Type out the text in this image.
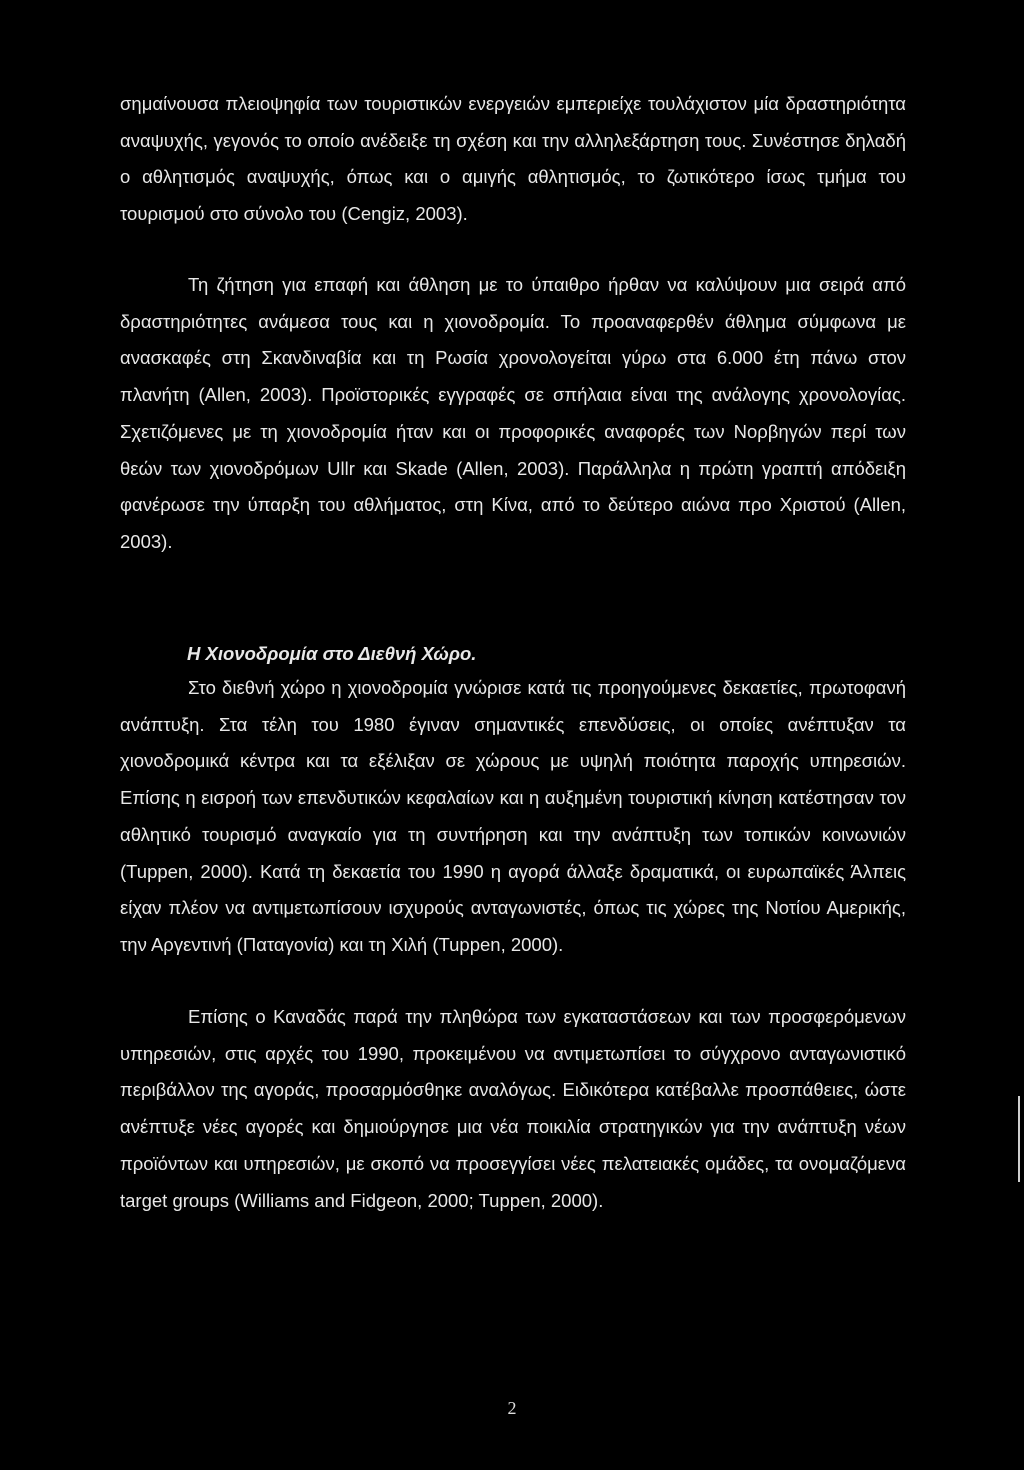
σημαίνουσα πλειοψηφία των τουριστικών ενεργειών εμπεριείχε τουλάχιστον μία δραστηριότητα αναψυχής, γεγονός το οποίο ανέδειξε τη σχέση και την αλληλεξάρτηση τους. Συνέστησε δηλαδή ο αθλητισμός αναψυχής, όπως και ο αμιγής αθλητισμός, το ζωτικότερο ίσως τμήμα του τουρισμού στο σύνολο του (Cengiz, 2003).

Τη ζήτηση για επαφή και άθληση με το ύπαιθρο ήρθαν να καλύψουν μια σειρά από δραστηριότητες ανάμεσα τους και η χιονοδρομία. Το προαναφερθέν άθλημα σύμφωνα με ανασκαφές στη Σκανδιναβία και τη Ρωσία χρονολογείται γύρω στα 6.000 έτη πάνω στον πλανήτη (Allen, 2003). Προϊστορικές εγγραφές σε σπήλαια είναι της ανάλογης χρονολογίας. Σχετιζόμενες με τη χιονοδρομία ήταν και οι προφορικές αναφορές των Νορβηγών περί των θεών των χιονοδρόμων Ullr και Skade (Allen, 2003). Παράλληλα η πρώτη γραπτή απόδειξη φανέρωσε την ύπαρξη του αθλήματος, στη Κίνα, από το δεύτερο αιώνα προ Χριστού (Allen, 2003).

Η Χιονοδρομία στο Διεθνή Χώρο.

Στο διεθνή χώρο η χιονοδρομία γνώρισε κατά τις προηγούμενες δεκαετίες, πρωτοφανή ανάπτυξη. Στα τέλη του 1980 έγιναν σημαντικές επενδύσεις, οι οποίες ανέπτυξαν τα χιονοδρομικά κέντρα και τα εξέλιξαν σε χώρους με υψηλή ποιότητα παροχής υπηρεσιών. Επίσης η εισροή των επενδυτικών κεφαλαίων και η αυξημένη τουριστική κίνηση κατέστησαν τον αθλητικό τουρισμό αναγκαίο για τη συντήρηση και την ανάπτυξη των τοπικών κοινωνιών (Tuppen, 2000). Κατά τη δεκαετία του 1990 η αγορά άλλαξε δραματικά, οι ευρωπαϊκές Άλπεις είχαν πλέον να αντιμετωπίσουν ισχυρούς ανταγωνιστές, όπως τις χώρες της Νοτίου Αμερικής, την Αργεντινή (Παταγονία) και τη Χιλή (Tuppen, 2000).

Επίσης ο Καναδάς παρά την πληθώρα των εγκαταστάσεων και των προσφερόμενων υπηρεσιών, στις αρχές του 1990, προκειμένου να αντιμετωπίσει το σύγχρονο ανταγωνιστικό περιβάλλον της αγοράς, προσαρμόσθηκε αναλόγως. Ειδικότερα κατέβαλλε προσπάθειες, ώστε ανέπτυξε νέες αγορές και δημιούργησε μια νέα ποικιλία στρατηγικών για την ανάπτυξη νέων προϊόντων και υπηρεσιών, με σκοπό να προσεγγίσει νέες πελατειακές ομάδες, τα ονομαζόμενα target groups (Williams and Fidgeon, 2000; Tuppen, 2000).

2
